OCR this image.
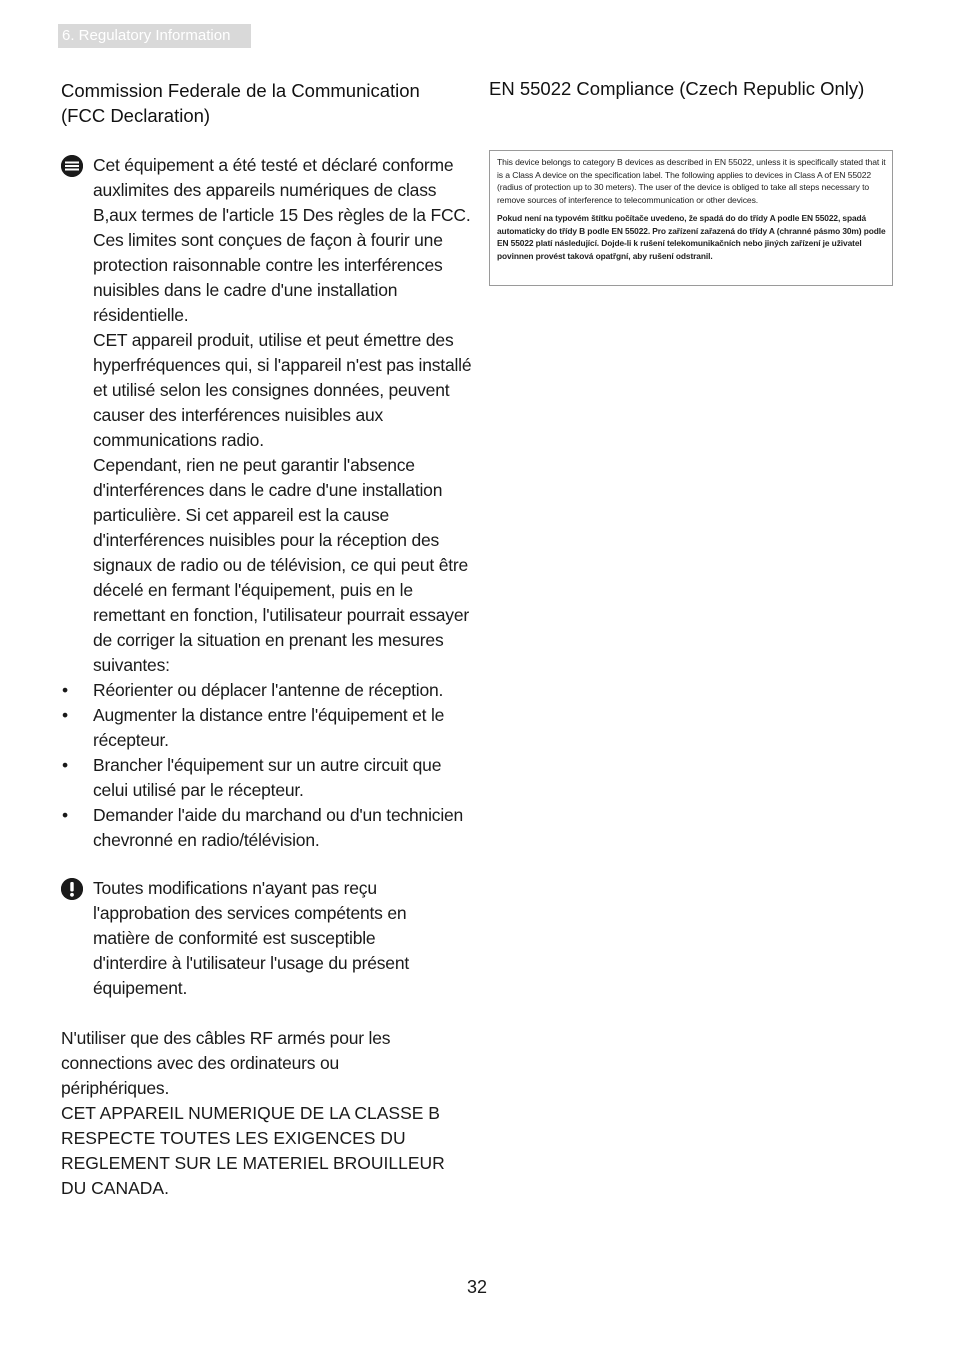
6. Regulatory Information
Commission Federale de la Communication
(FCC Declaration)

Cet équipement a été testé et déclaré conforme auxlimites des appareils numériques de class B,aux termes de l'article 15 Des règles de la FCC. Ces limites sont conçues de façon à fourir une protection raisonnable contre les interférences nuisibles dans le cadre d'une installation résidentielle.

CET appareil produit, utilise et peut émettre des hyperfréquences qui, si l'appareil n'est pas installé et utilisé selon les consignes données, peuvent causer des interférences nuisibles aux communications radio.

Cependant, rien ne peut garantir l'absence d'interférences dans le cadre d'une installation particulière. Si cet appareil est la cause d'interférences nuisibles pour la réception des signaux de radio ou de télévision, ce qui peut être décelé en fermant l'équipement, puis en le remettant en fonction, l'utilisateur pourrait essayer de corriger la situation en prenant les mesures suivantes:

• Réorienter ou déplacer l'antenne de réception.
• Augmenter la distance entre l'équipement et le récepteur.
• Brancher l'équipement sur un autre circuit que celui utilisé par le récepteur.
• Demander l'aide du marchand ou d'un technicien chevronné en radio/télévision.

Toutes modifications n'ayant pas reçu l'approbation des services compétents en matière de conformité est susceptible d'interdire à l'utilisateur l'usage du présent équipement.

N'utiliser que des câbles RF armés pour les connections avec des ordinateurs ou périphériques.

CET APPAREIL NUMERIQUE DE LA CLASSE B RESPECTE TOUTES LES EXIGENCES DU REGLEMENT SUR LE MATERIEL BROUILLEUR DU CANADA.

EN 55022 Compliance (Czech Republic Only)

This device belongs to category B devices as described in EN 55022, unless it is specifically stated that it is a Class A device on the specification label. The following applies to devices in Class A of EN 55022 (radius of protection up to 30 meters). The user of the device is obliged to take all steps necessary to remove sources of interference to telecommunication or other devices.

Pokud není na typovém štítku počítače uvedeno, že spadá do do třídy A podle EN 55022, spadá automaticky do třídy B podle EN 55022. Pro zařízení zařazená do třídy A (chranné pásmo 30m) podle EN 55022 platí následující. Dojde-li k rušení telekomunikačních nebo jiných zařízení je uživatel povinnen provést taková opatřgní, aby rušení odstranil.

32
